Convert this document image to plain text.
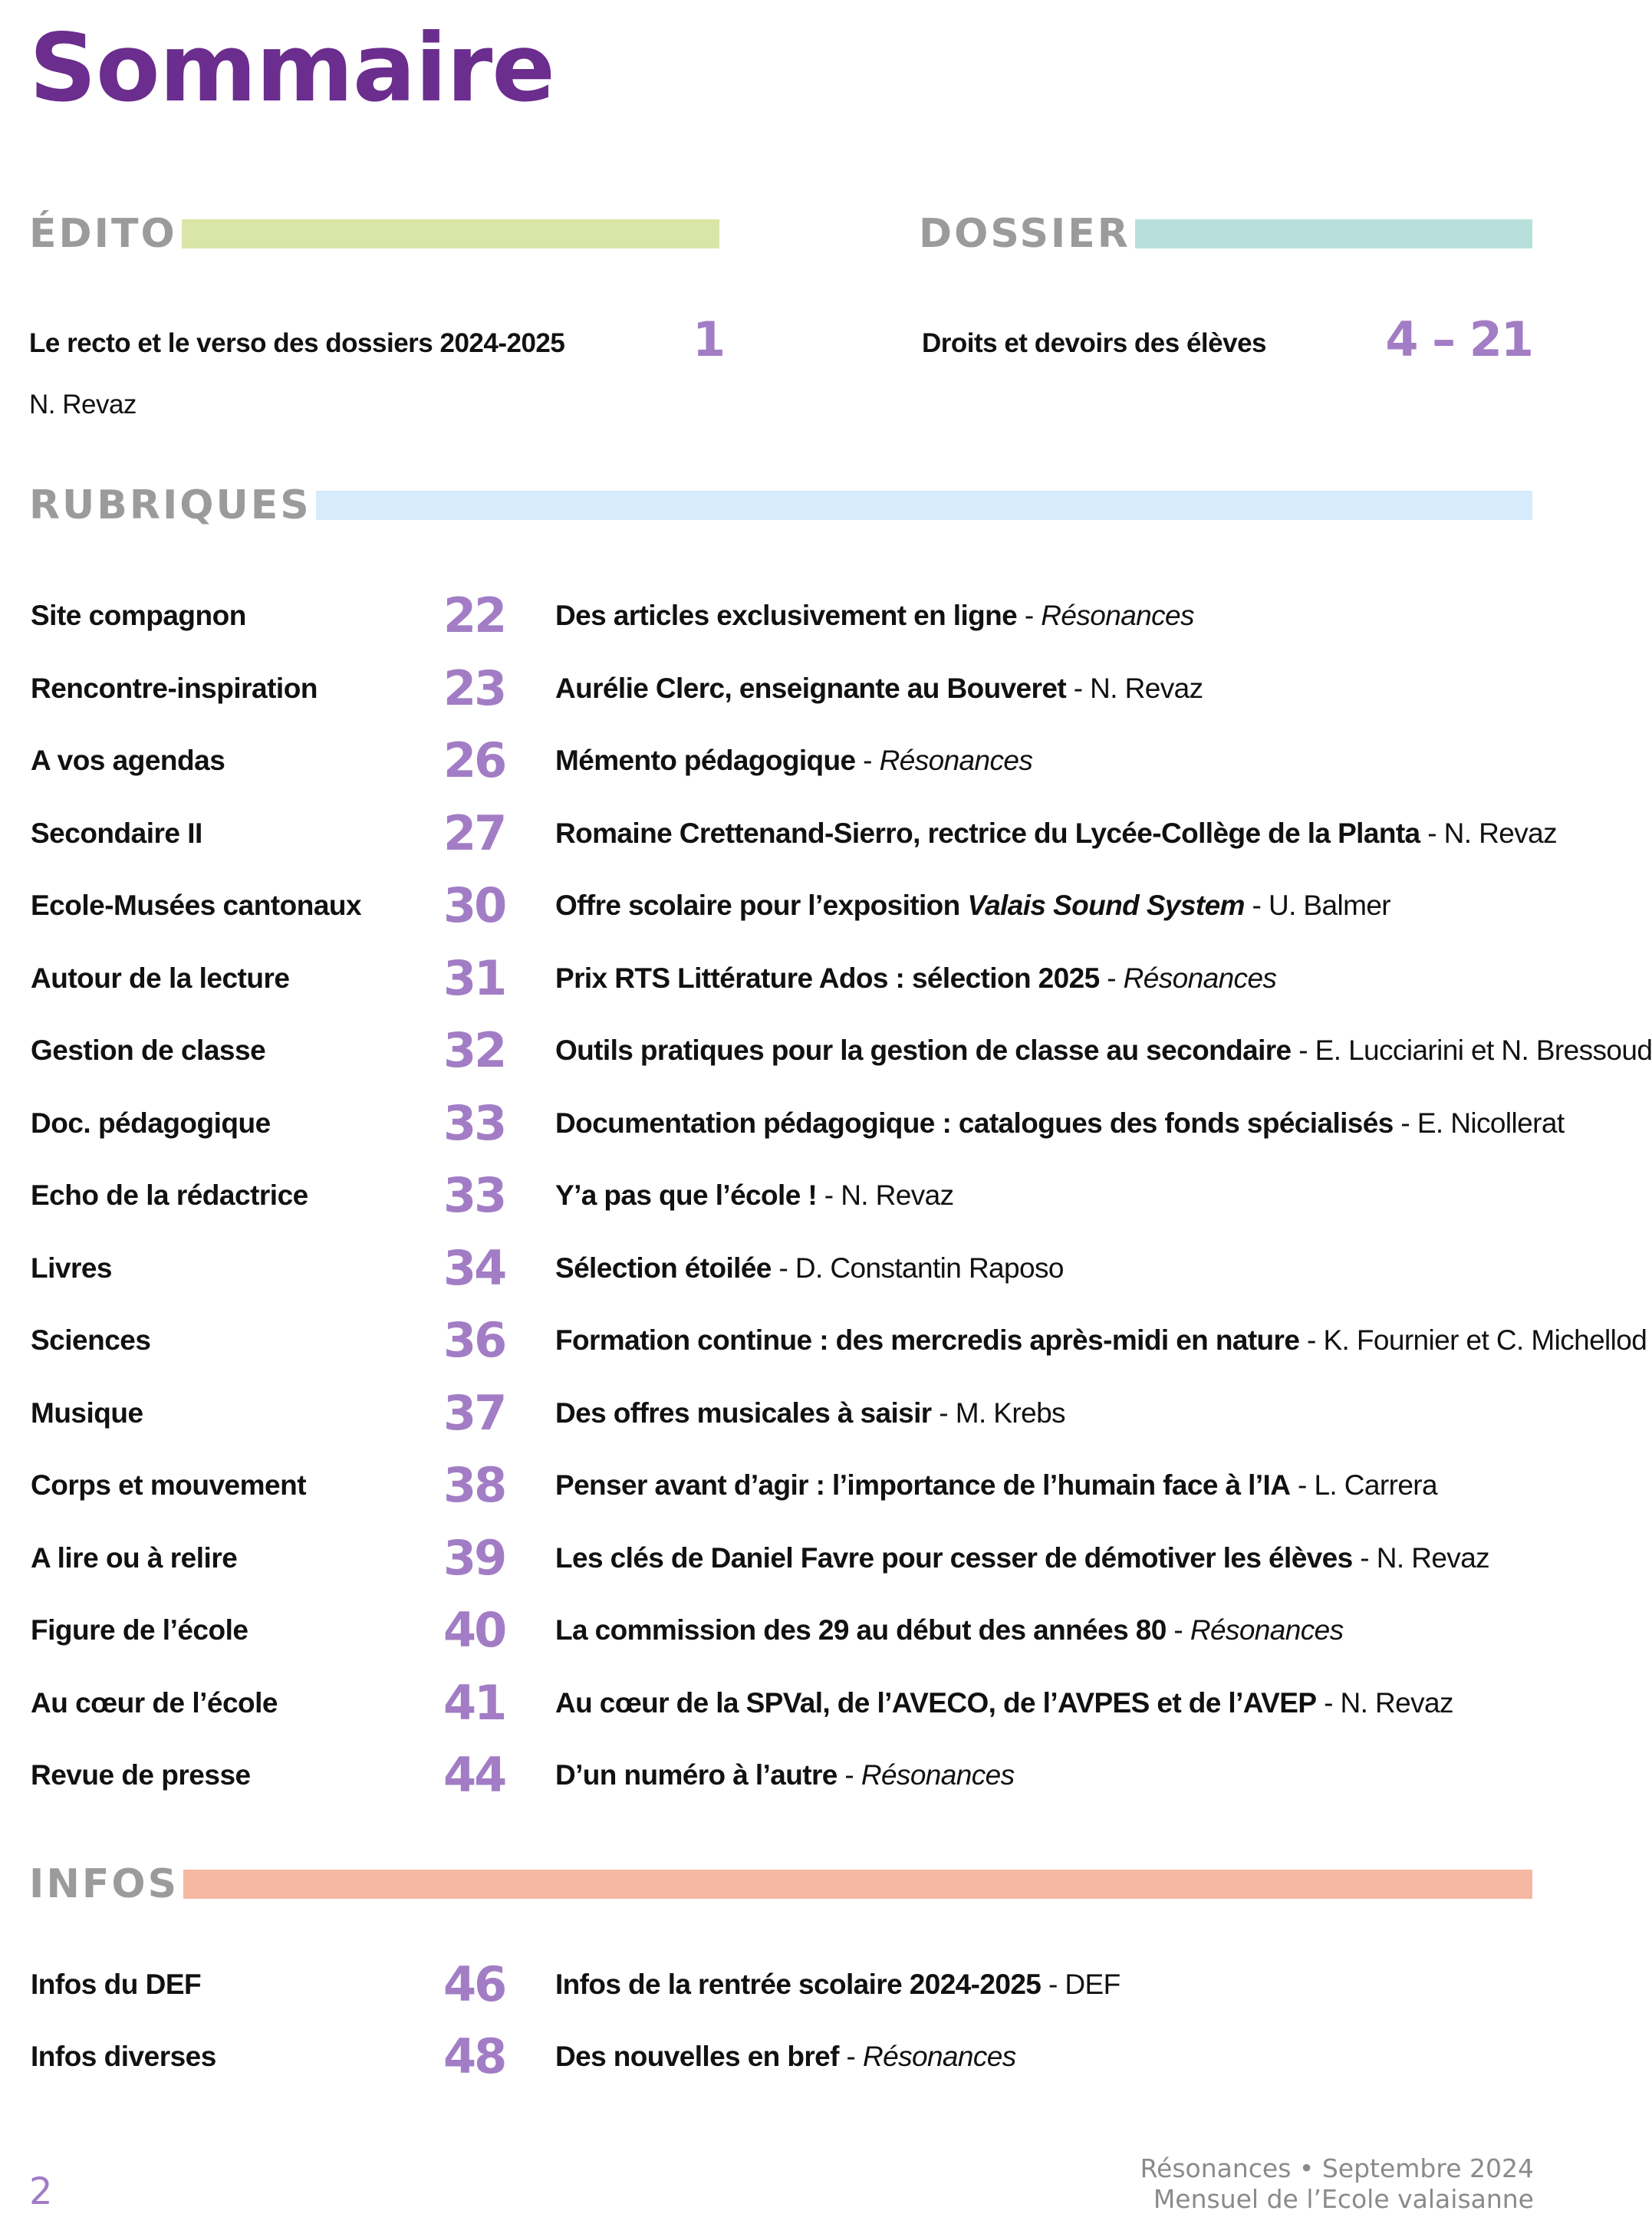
Sommaire
ÉDITO
Le recto et le verso des dossiers 2024-2025	1
N. Revaz
DOSSIER
Droits et devoirs des élèves	4 – 21
RUBRIQUES
Site compagnon	22 Des articles exclusivement en ligne - Résonances
Rencontre-inspiration	23 Aurélie Clerc, enseignante au Bouveret - N. Revaz
A vos agendas	26 Mémento pédagogique - Résonances
Secondaire II	27 Romaine Crettenand-Sierro, rectrice du Lycée-Collège de la Planta - N. Revaz
Ecole-Musées cantonaux 30 Offre scolaire pour l’exposition Valais Sound System - U. Balmer
Autour de la lecture	31 Prix RTS Littérature Ados : sélection 2025 - Résonances
Gestion de classe	32 Outils pratiques pour la gestion de classe au secondaire - E. Lucciarini et N. Bressoud
Doc. pédagogique	33 Documentation pédagogique : catalogues des fonds spécialisés - E. Nicollerat
Echo de la rédactrice	33 Y’a pas que l’école ! - N. Revaz
Livres	34 Sélection étoilée - D. Constantin Raposo
Sciences	36 Formation continue : des mercredis après-midi en nature - K. Fournier et C. Michellod
Musique	37 Des offres musicales à saisir - M. Krebs
Corps et mouvement	38 Penser avant d’agir : l’importance de l’humain face à l’IA - L. Carrera
A lire ou à relire	39 Les clés de Daniel Favre pour cesser de démotiver les élèves - N. Revaz
Figure de l’école	40 La commission des 29 au début des années 80 - Résonances
Au cœur de l’école	41 Au cœur de la SPVal, de l’AVECO, de l’AVPES et de l’AVEP - N. Revaz
Revue de presse	44 D’un numéro à l’autre - Résonances
INFOS
Infos du DEF	46 Infos de la rentrée scolaire 2024-2025 - DEF
Infos diverses	48 Des nouvelles en bref - Résonances
2
Résonances • Septembre 2024
Mensuel de l’Ecole valaisanne
